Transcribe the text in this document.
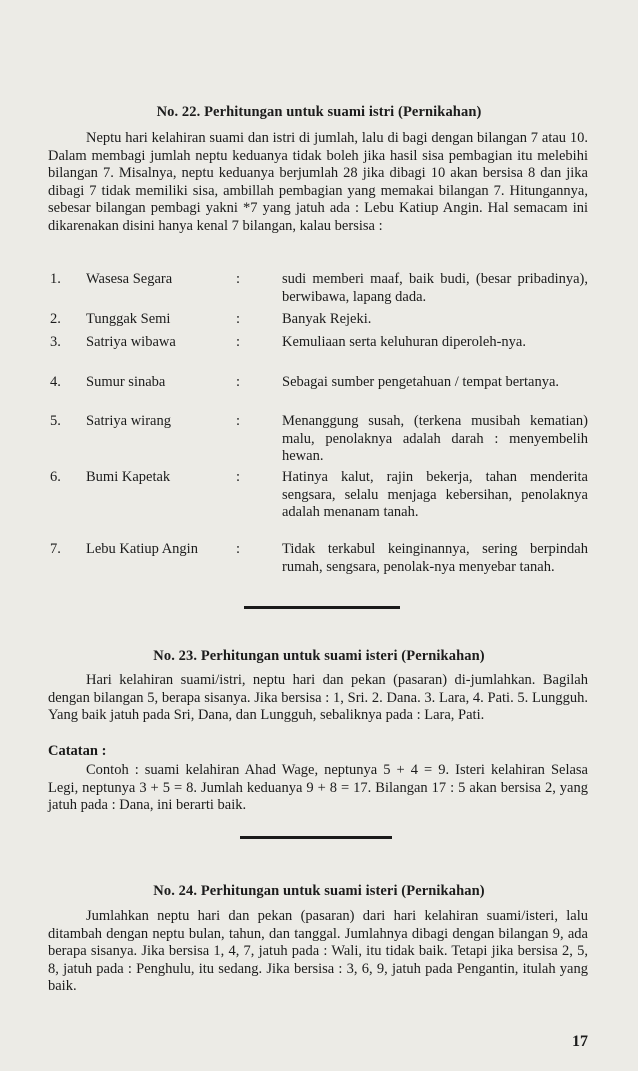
No. 22. Perhitungan untuk suami istri (Pernikahan)

Neptu hari kelahiran suami dan istri di jumlah, lalu di bagi dengan bilangan 7 atau 10. Dalam membagi jumlah neptu keduanya tidak boleh jika hasil sisa pembagian itu melebihi bilangan 7. Misalnya, neptu keduanya berjumlah 28 jika dibagi 10 akan bersisa 8 dan jika dibagi 7 tidak memiliki sisa, ambillah pembagian yang memakai bilangan 7. Hitungannya, sebesar bilangan pembagi yakni *7 yang jatuh ada : Lebu Katiup Angin. Hal semacam ini dikarenakan disini hanya kenal 7 bilangan, kalau bersisa :

1. Wasesa Segara	:	sudi memberi maaf, baik budi, (besar pribadinya), berwibawa, lapang dada.
2. Tunggak Semi	:	Banyak Rejeki.
3. Satriya wibawa	:	Kemuliaan serta keluhuran diperoleh-nya.
4. Sumur sinaba	:	Sebagai sumber pengetahuan / tempat bertanya.
5. Satriya wirang	:	Menanggung susah, (terkena musibah kematian) malu, penolaknya adalah darah : menyembelih hewan.
6. Bumi Kapetak	:	Hatinya kalut, rajin bekerja, tahan menderita sengsara, selalu menjaga kebersihan, penolaknya adalah menanam tanah.
7. Lebu Katiup Angin	:	Tidak terkabul keinginannya, sering berpindah rumah, sengsara, penolak-nya menyebar tanah.
No. 23. Perhitungan untuk suami isteri (Pernikahan)

Hari kelahiran suami/istri, neptu hari dan pekan (pasaran) di-jumlahkan. Bagilah dengan bilangan 5, berapa sisanya. Jika bersisa : 1, Sri. 2. Dana. 3. Lara, 4. Pati. 5. Lungguh. Yang baik jatuh pada Sri, Dana, dan Lungguh, sebaliknya pada : Lara, Pati.

Catatan :

Contoh : suami kelahiran Ahad Wage, neptunya 5 + 4 = 9. Isteri kelahiran Selasa Legi, neptunya 3 + 5 = 8. Jumlah keduanya 9 + 8 = 17. Bilangan 17 : 5 akan bersisa 2, yang jatuh pada : Dana, ini berarti baik.

No. 24. Perhitungan untuk suami isteri (Pernikahan)

Jumlahkan neptu hari dan pekan (pasaran) dari hari kelahiran suami/isteri, lalu ditambah dengan neptu bulan, tahun, dan tanggal. Jumlahnya dibagi dengan bilangan 9, ada berapa sisanya. Jika bersisa 1, 4, 7, jatuh pada : Wali, itu tidak baik. Tetapi jika bersisa 2, 5, 8, jatuh pada : Penghulu, itu sedang. Jika bersisa : 3, 6, 9, jatuh pada Pengantin, itulah yang baik.

17
